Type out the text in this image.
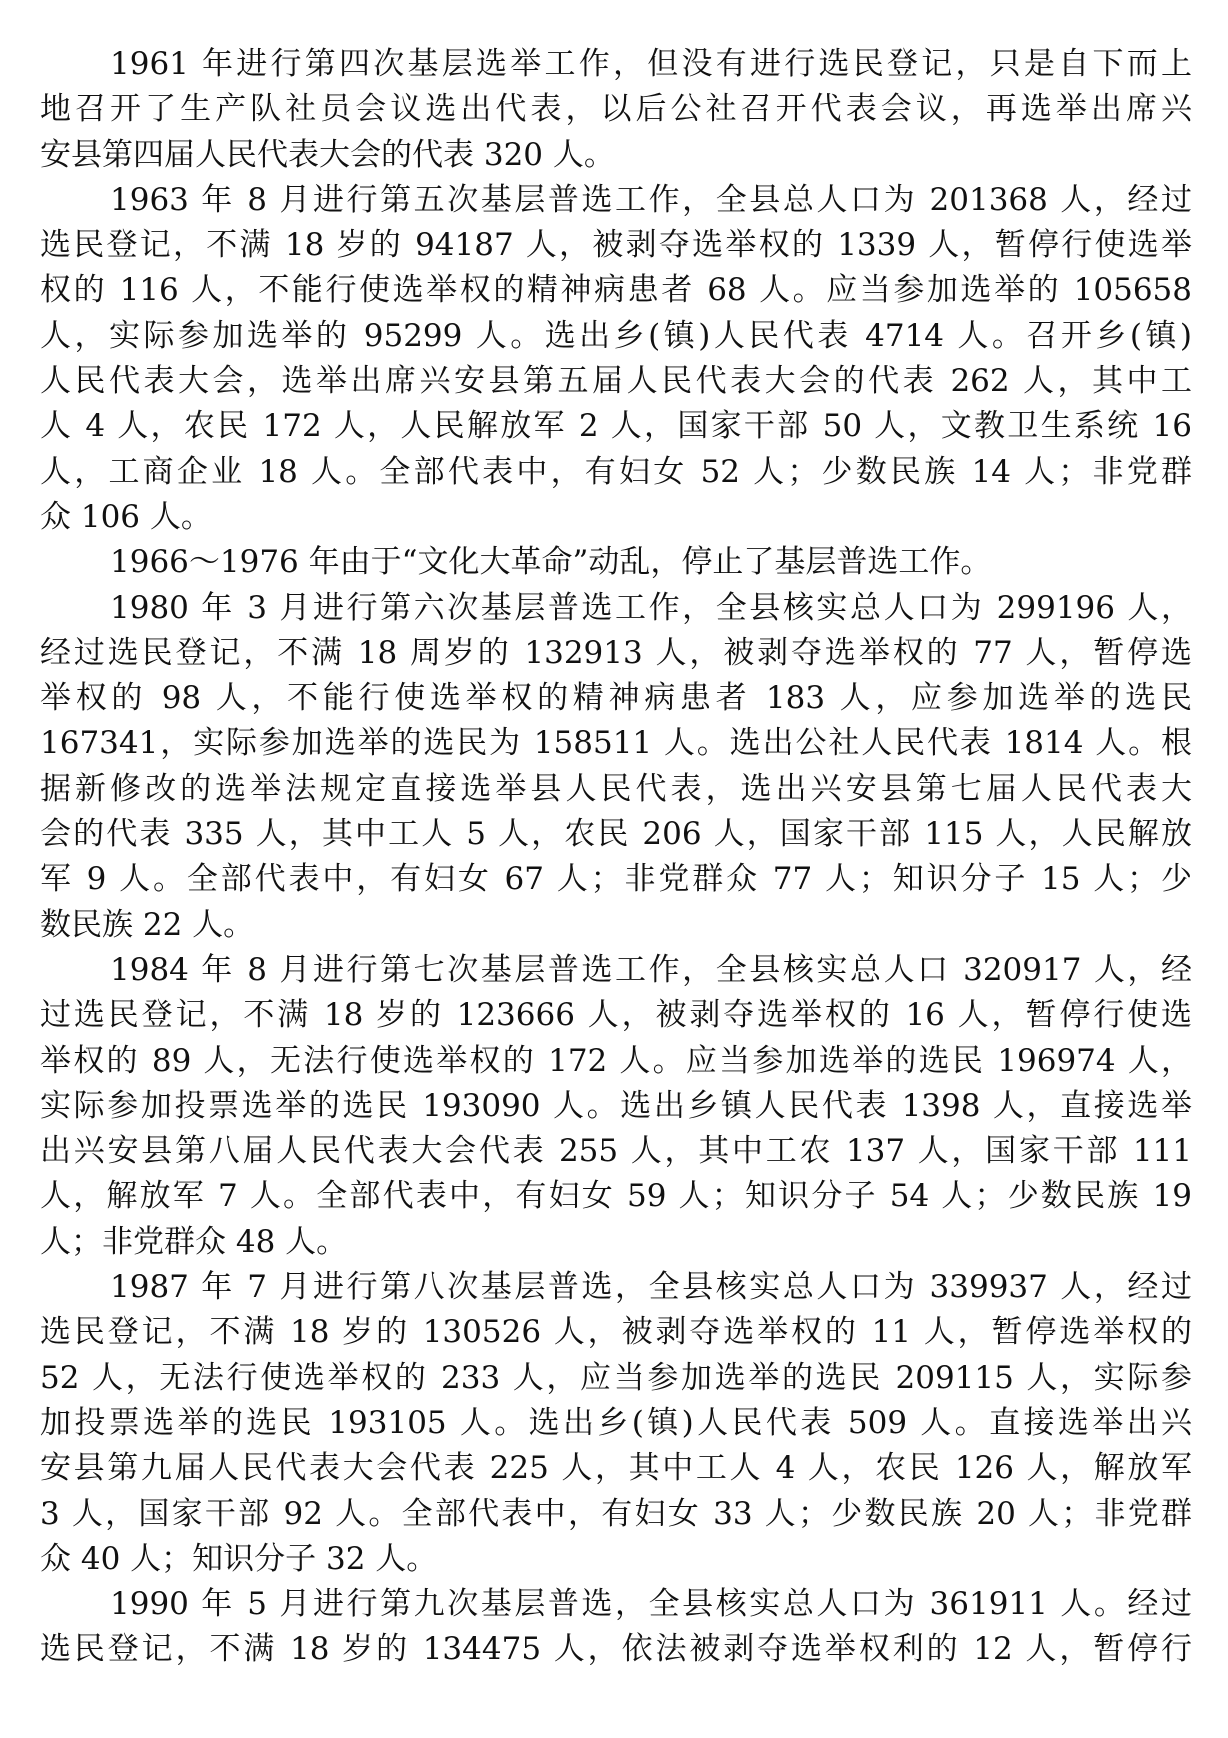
1961 年进行第四次基层选举工作，但没有进行选民登记，只是自下而上
地召开了生产队社员会议选出代表，以后公社召开代表会议，再选举出席兴
安县第四届人民代表大会的代表 320 人。
1963 年 8 月进行第五次基层普选工作，全县总人口为 201368 人，经过
选民登记，不满 18 岁的 94187 人，被剥夺选举权的 1339 人，暂停行使选举
权的 116 人，不能行使选举权的精神病患者 68 人。应当参加选举的 105658
人，实际参加选举的 95299 人。选出乡(镇)人民代表 4714 人。召开乡(镇)
人民代表大会，选举出席兴安县第五届人民代表大会的代表 262 人，其中工
人 4 人，农民 172 人，人民解放军 2 人，国家干部 50 人，文教卫生系统 16
人，工商企业 18 人。全部代表中，有妇女 52 人；少数民族 14 人；非党群
众 106 人。
1966～1976 年由于“文化大革命”动乱，停止了基层普选工作。
1980 年 3 月进行第六次基层普选工作，全县核实总人口为 299196 人，
经过选民登记，不满 18 周岁的 132913 人，被剥夺选举权的 77 人，暂停选
举权的 98 人，不能行使选举权的精神病患者 183 人，应参加选举的选民
167341，实际参加选举的选民为 158511 人。选出公社人民代表 1814 人。根
据新修改的选举法规定直接选举县人民代表，选出兴安县第七届人民代表大
会的代表 335 人，其中工人 5 人，农民 206 人，国家干部 115 人，人民解放
军 9 人。全部代表中，有妇女 67 人；非党群众 77 人；知识分子 15 人；少
数民族 22 人。
1984 年 8 月进行第七次基层普选工作，全县核实总人口 320917 人，经
过选民登记，不满 18 岁的 123666 人，被剥夺选举权的 16 人，暂停行使选
举权的 89 人，无法行使选举权的 172 人。应当参加选举的选民 196974 人，
实际参加投票选举的选民 193090 人。选出乡镇人民代表 1398 人，直接选举
出兴安县第八届人民代表大会代表 255 人，其中工农 137 人，国家干部 111
人，解放军 7 人。全部代表中，有妇女 59 人；知识分子 54 人；少数民族 19
人；非党群众 48 人。
1987 年 7 月进行第八次基层普选，全县核实总人口为 339937 人，经过
选民登记，不满 18 岁的 130526 人，被剥夺选举权的 11 人，暂停选举权的
52 人，无法行使选举权的 233 人，应当参加选举的选民 209115 人，实际参
加投票选举的选民 193105 人。选出乡(镇)人民代表 509 人。直接选举出兴
安县第九届人民代表大会代表 225 人，其中工人 4 人，农民 126 人，解放军
3 人，国家干部 92 人。全部代表中，有妇女 33 人；少数民族 20 人；非党群
众 40 人；知识分子 32 人。
1990 年 5 月进行第九次基层普选，全县核实总人口为 361911 人。经过
选民登记，不满 18 岁的 134475 人，依法被剥夺选举权利的 12 人，暂停行
